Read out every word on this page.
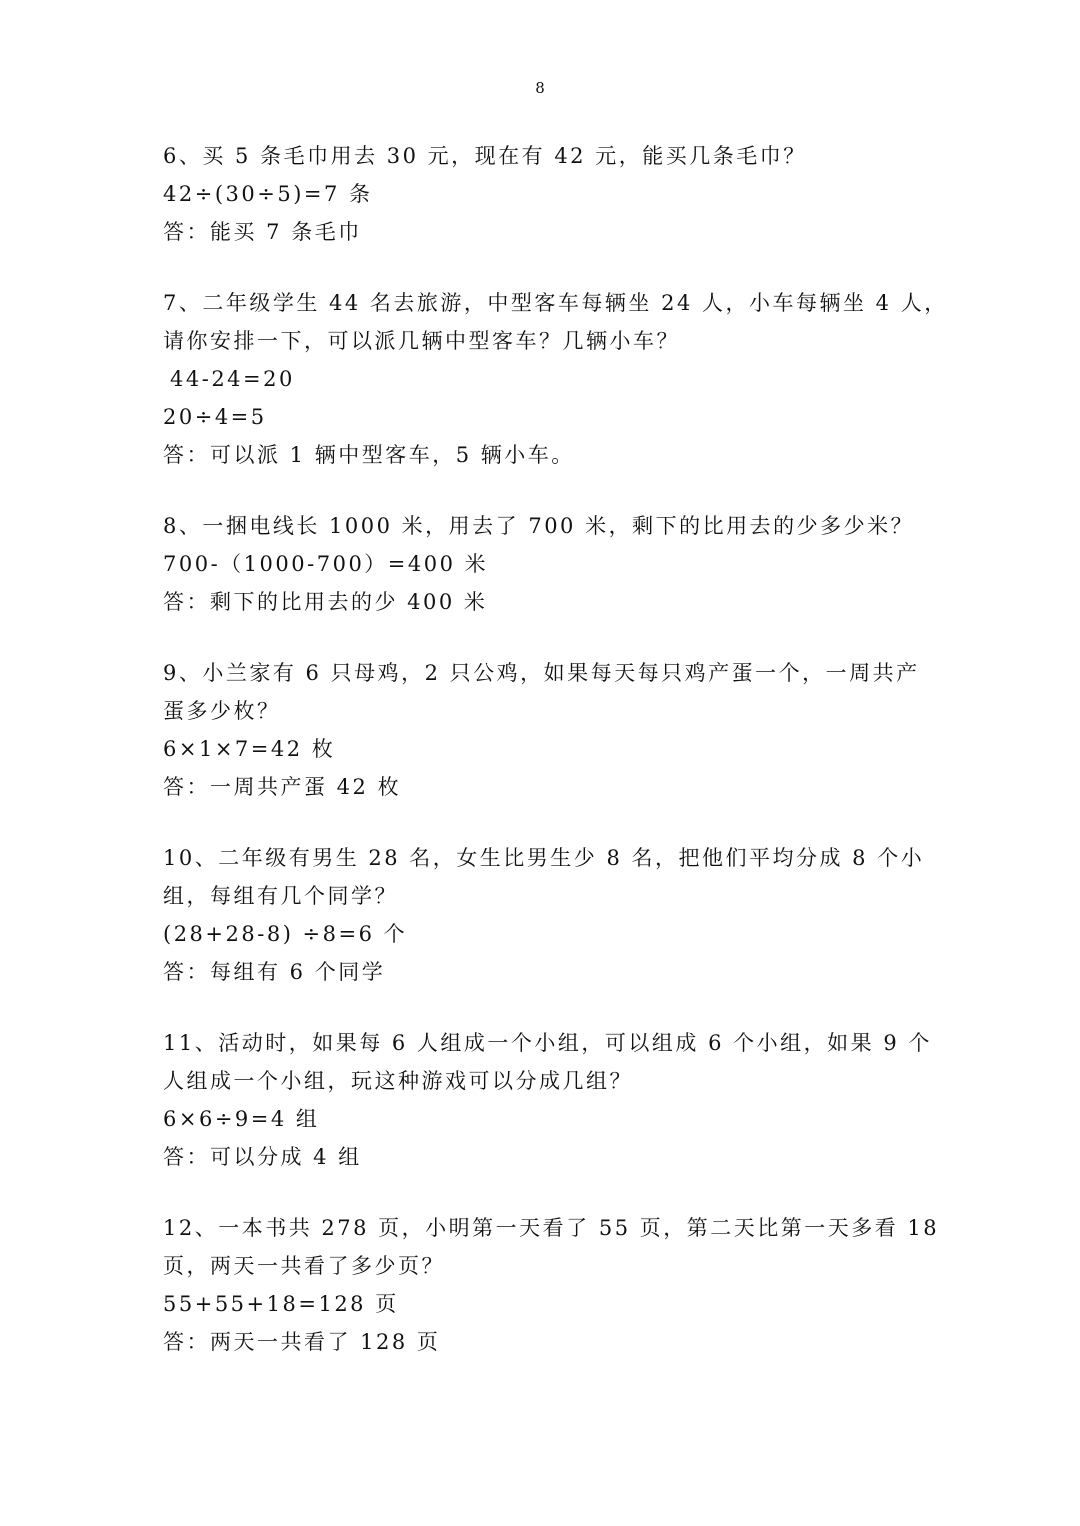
8
6、买 5 条毛巾用去 30 元，现在有 42 元，能买几条毛巾？
42÷(30÷5)=7 条
答：能买 7 条毛巾
7、二年级学生 44 名去旅游，中型客车每辆坐 24 人，小车每辆坐 4 人，
请你安排一下，可以派几辆中型客车？几辆小车？
44-24=20
20÷4=5
答：可以派 1 辆中型客车，5 辆小车。
8、一捆电线长 1000 米，用去了 700 米，剩下的比用去的少多少米？
700-（1000-700）=400 米
答：剩下的比用去的少 400 米
9、小兰家有 6 只母鸡，2 只公鸡，如果每天每只鸡产蛋一个，一周共产
蛋多少枚？
6×1×7=42 枚
答：一周共产蛋 42 枚
10、二年级有男生 28 名，女生比男生少 8 名，把他们平均分成 8 个小
组，每组有几个同学？
(28+28-8) ÷8=6 个
答：每组有 6 个同学
11、活动时，如果每 6 人组成一个小组，可以组成 6 个小组，如果 9 个
人组成一个小组，玩这种游戏可以分成几组？
6×6÷9=4 组
答：可以分成 4 组
12、一本书共 278 页，小明第一天看了 55 页，第二天比第一天多看 18
页，两天一共看了多少页？
55+55+18=128 页
答：两天一共看了 128 页
